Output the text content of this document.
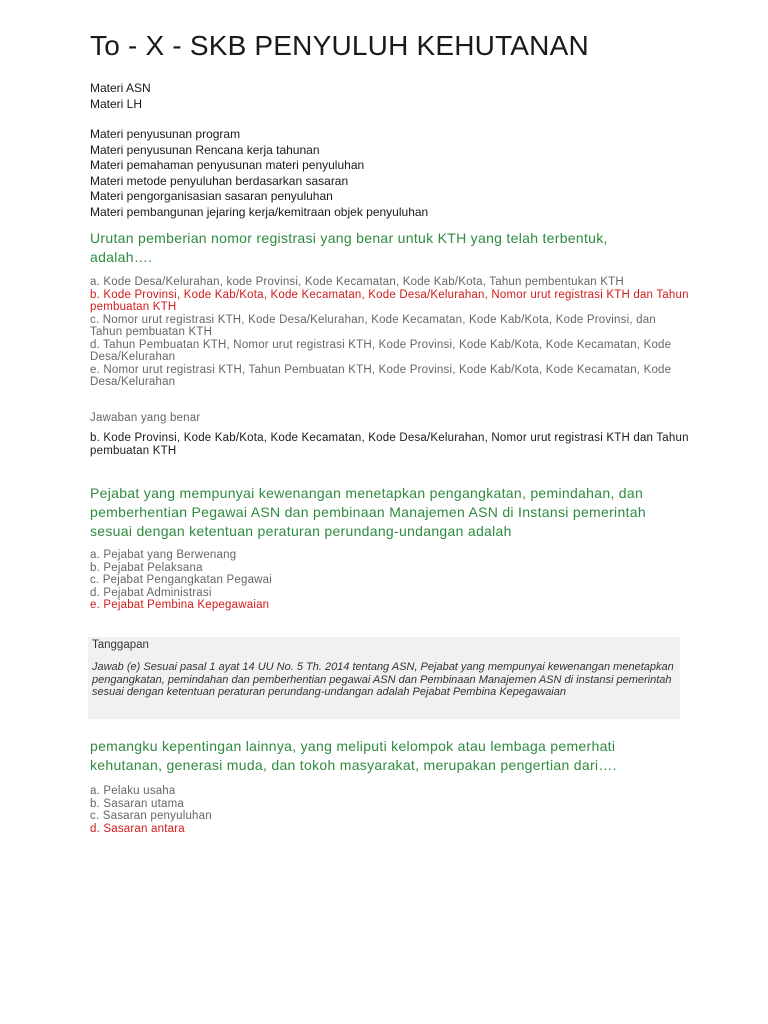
To - X - SKB PENYULUH KEHUTANAN

Materi ASN

Materi LH

Materi penyusunan program

Materi penyusunan Rencana kerja tahunan

Materi pemahaman penyusunan materi penyuluhan

Materi metode penyuluhan berdasarkan sasaran

Materi pengorganisasian sasaran penyuluhan

Materi pembangunan jejaring kerja/kemitraan objek penyuluhan

Urutan pemberian nomor registrasi yang benar untuk KTH yang telah terbentuk, adalah….

a. Kode Desa/Kelurahan, kode Provinsi, Kode Kecamatan, Kode Kab/Kota, Tahun pembentukan KTH

b. Kode Provinsi, Kode Kab/Kota, Kode Kecamatan, Kode Desa/Kelurahan, Nomor urut registrasi KTH dan Tahun pembuatan KTH

c. Nomor urut registrasi KTH, Kode Desa/Kelurahan, Kode Kecamatan, Kode Kab/Kota, Kode Provinsi, dan Tahun pembuatan KTH

d. Tahun Pembuatan KTH, Nomor urut registrasi KTH, Kode Provinsi, Kode Kab/Kota, Kode Kecamatan, Kode Desa/Kelurahan

e. Nomor urut registrasi KTH, Tahun Pembuatan KTH, Kode Provinsi, Kode Kab/Kota, Kode Kecamatan, Kode Desa/Kelurahan

Jawaban yang benar

b. Kode Provinsi, Kode Kab/Kota, Kode Kecamatan, Kode Desa/Kelurahan, Nomor urut registrasi KTH dan Tahun pembuatan KTH

Pejabat yang mempunyai kewenangan menetapkan pengangkatan, pemindahan, dan pemberhentian Pegawai ASN dan pembinaan Manajemen ASN di Instansi pemerintah sesuai dengan ketentuan peraturan perundang-undangan adalah

a. Pejabat yang Berwenang

b. Pejabat Pelaksana

c. Pejabat Pengangkatan Pegawai

d. Pejabat Administrasi

e. Pejabat Pembina Kepegawaian

Tanggapan

Jawab (e) Sesuai pasal 1 ayat 14 UU No. 5 Th. 2014 tentang ASN, Pejabat yang mempunyai kewenangan menetapkan pengangkatan, pemindahan dan pemberhentian pegawai ASN dan Pembinaan Manajemen ASN di instansi pemerintah sesuai dengan ketentuan peraturan perundang-undangan adalah Pejabat Pembina Kepegawaian

pemangku kepentingan lainnya, yang meliputi kelompok atau lembaga pemerhati kehutanan, generasi muda, dan tokoh masyarakat, merupakan pengertian dari….

a. Pelaku usaha

b. Sasaran utama

c. Sasaran penyuluhan

d. Sasaran antara
